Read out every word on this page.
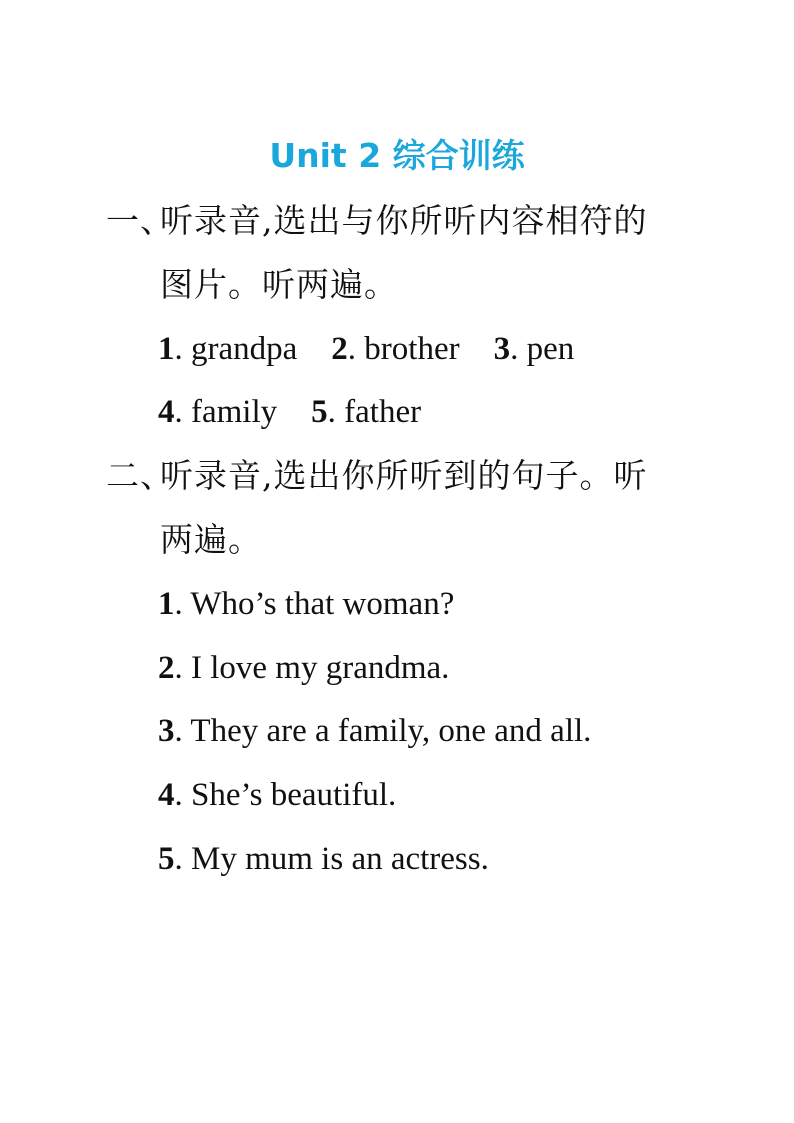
Unit 2 综合训练
一、听录音,选出与你所听内容相符的
图片。听两遍。
1. grandpa 2. brother 3. pen
4. family 5. father
二、听录音,选出你所听到的句子。听
两遍。
1. Who’s that woman?
2. I love my grandma.
3. They are a family, one and all.
4. She’s beautiful.
5. My mum is an actress.
